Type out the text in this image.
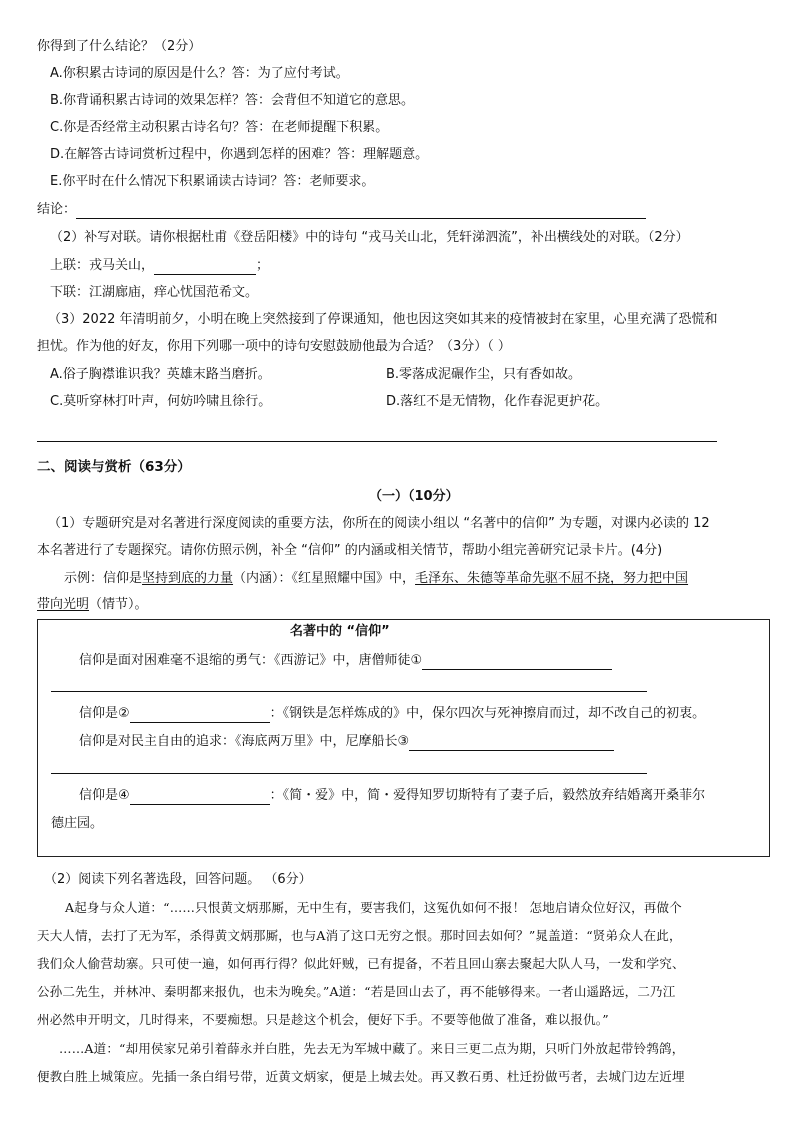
你得到了什么结论？（2分）
A.你积累古诗词的原因是什么？答：为了应付考试。
B.你背诵积累古诗词的效果怎样？答：会背但不知道它的意思。
C.你是否经常主动积累古诗名句？答：在老师提醒下积累。
D.在解答古诗词赏析过程中，你遇到怎样的困难？答：理解题意。
E.你平时在什么情况下积累诵读古诗词？答：老师要求。
结论：
（2）补写对联。请你根据杜甫《登岳阳楼》中的诗句 “戎马关山北，凭轩涕泗流”，补出横线处的对联。（2分）
上联：戎马关山，	；
下联：江湖廊庙，痒心忧国范希文。
（3）2022 年清明前夕，小明在晚上突然接到了停课通知，他也因这突如其来的疫情被封在家里，心里充满了恐慌和
担忧。作为他的好友，你用下列哪一项中的诗句安慰鼓励他最为合适？（3分）（ ）
A.俗子胸襟谁识我？英雄末路当磨折。	B.零落成泥碾作尘，只有香如故。
C.莫听穿林打叶声，何妨吟啸且徐行。	D.落红不是无情物，化作春泥更护花。
二、阅读与赏析（63分）
（一）（10分）
（1）专题研究是对名著进行深度阅读的重要方法，你所在的阅读小组以 “名著中的信仰” 为专题，对课内必读的 12
本名著进行了专题探究。请你仿照示例，补全 “信仰” 的内涵或相关情节，帮助小组完善研究记录卡片。(4分)
示例：信仰是坚持到底的力量（内涵）：《红星照耀中国》中，毛泽东、朱德等革命先驱不屈不挠，努力把中国
带向光明（情节）。
名著中的 “信仰”
信仰是面对困难毫不退缩的勇气：《西游记》中，唐僧师徒①
信仰是②	：《钢铁是怎样炼成的》中，保尔四次与死神擦肩而过，却不改自己的初衷。
信仰是对民主自由的追求：《海底两万里》中，尼摩船长③
信仰是④	：《简・爱》中，简・爱得知罗切斯特有了妻子后，毅然放弃结婚离开桑菲尔
德庄园。
（2）阅读下列名著选段，回答问题。 （6分）
A起身与众人道：“……只恨黄文炳那厮，无中生有，要害我们，这冤仇如何不报！ 怎地启请众位好汉，再做个
天大人情，去打了无为军，杀得黄文炳那厮，也与A消了这口无穷之恨。那时回去如何？”晁盖道：“贤弟众人在此，
我们众人偷营劫寨。只可使一遍，如何再行得？似此奸贼，已有提备，不若且回山寨去聚起大队人马，一发和学究、
公孙二先生，并林冲、秦明都来报仇，也未为晚矣。”A道：“若是回山去了，再不能够得来。一者山遥路远，二乃江
州必然申开明文，几时得来，不要痴想。只是趁这个机会，便好下手。不要等他做了准备，难以报仇。”
……A道：“却用侯家兄弟引着薛永并白胜，先去无为军城中藏了。来日三更二点为期，只听门外放起带铃鹁鸽，
便教白胜上城策应。先插一条白绢号带，近黄文炳家，便是上城去处。再又教石勇、杜迁扮做丐者，去城门边左近埋
